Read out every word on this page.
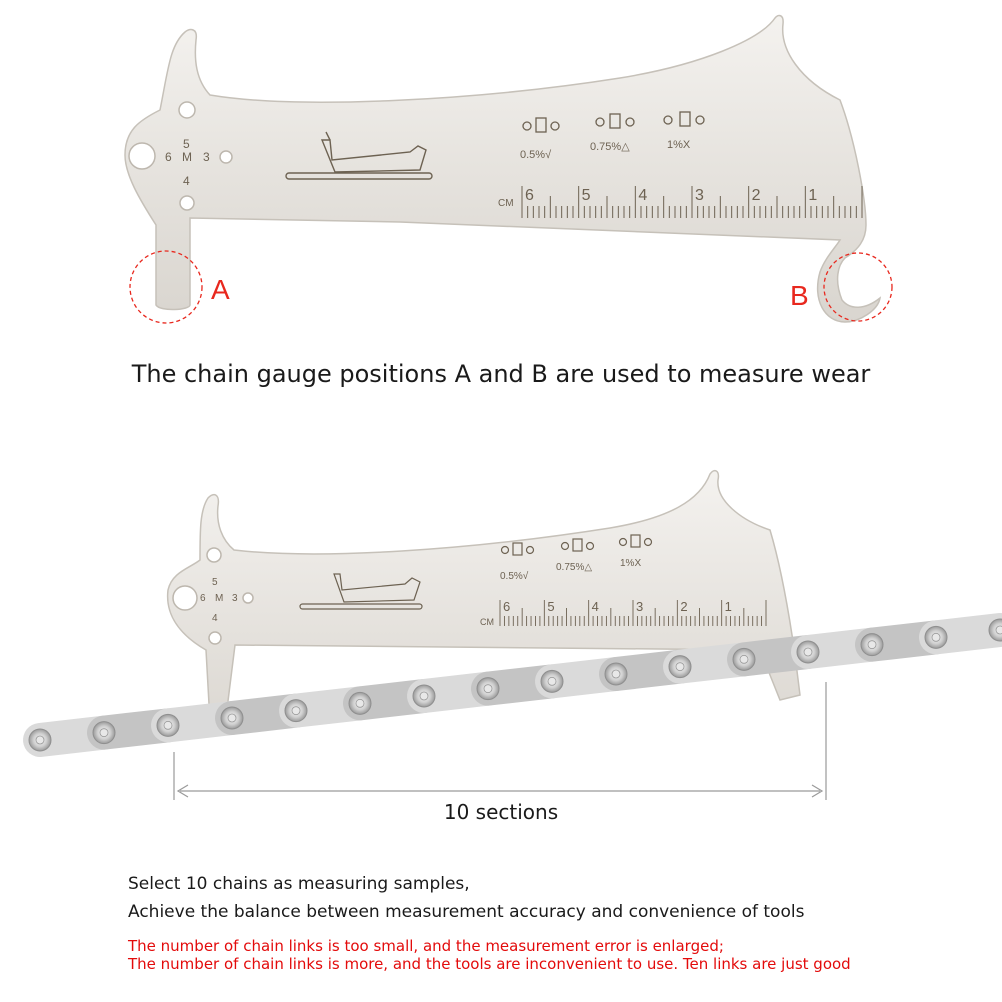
5
6 M 3
4
0.5%√
0.75%△	1%X
CM 6	5	4	3	2	1
A	B
The chain gauge positions A and B are used to measure wear
5
6 M 3
4
0.5%√
0.75%△	1%X
CM
6	5	4	3	2	1
10 sections
Select 10 chains as measuring samples,
Achieve the balance between measurement accuracy and convenience of tools
The number of chain links is too small, and the measurement error is enlarged;
The number of chain links is more, and the tools are inconvenient to use. Ten links are just good
